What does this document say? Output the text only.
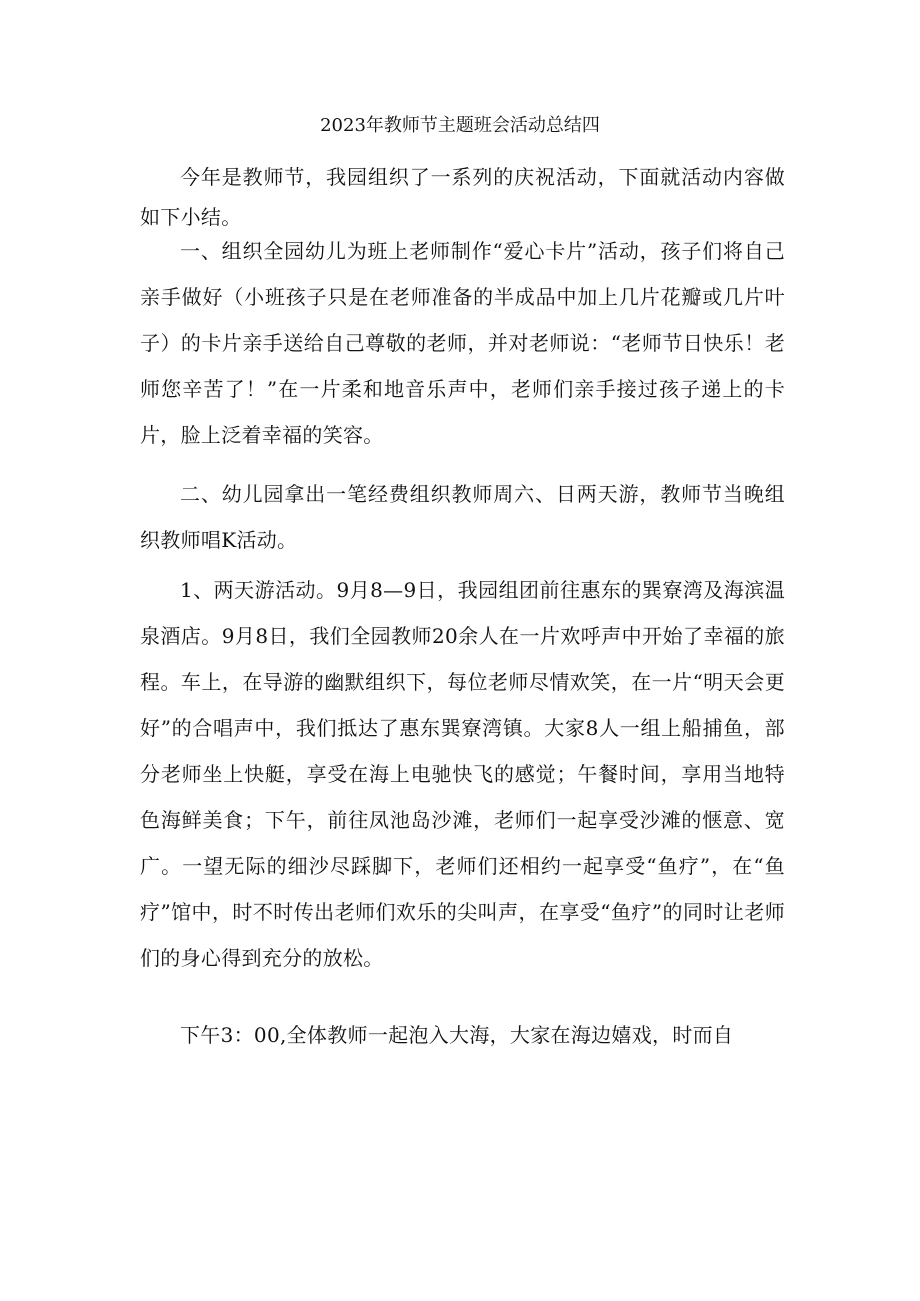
2023年教师节主题班会活动总结四

今年是教师节，我园组织了一系列的庆祝活动，下面就活动内容做如下小结。

一、组织全园幼儿为班上老师制作“爱心卡片”活动，孩子们将自己亲手做好（小班孩子只是在老师准备的半成品中加上几片花瓣或几片叶子）的卡片亲手送给自己尊敬的老师，并对老师说：“老师节日快乐！老师您辛苦了！”在一片柔和地音乐声中，老师们亲手接过孩子递上的卡片，脸上泛着幸福的笑容。

二、幼儿园拿出一笔经费组织教师周六、日两天游，教师节当晚组织教师唱K活动。

1、两天游活动。9月8—9日，我园组团前往惠东的巽寮湾及海滨温泉酒店。9月8日，我们全园教师20余人在一片欢呼声中开始了幸福的旅程。车上，在导游的幽默组织下，每位老师尽情欢笑，在一片“明天会更好”的合唱声中，我们抵达了惠东巽寮湾镇。大家8人一组上船捕鱼，部分老师坐上快艇，享受在海上电驰快飞的感觉；午餐时间，享用当地特色海鲜美食；下午，前往凤池岛沙滩，老师们一起享受沙滩的惬意、宽广。一望无际的细沙尽踩脚下，老师们还相约一起享受“鱼疗”，在“鱼疗”馆中，时不时传出老师们欢乐的尖叫声，在享受“鱼疗”的同时让老师们的身心得到充分的放松。

下午3：00,全体教师一起泡入大海，大家在海边嬉戏，时而自
